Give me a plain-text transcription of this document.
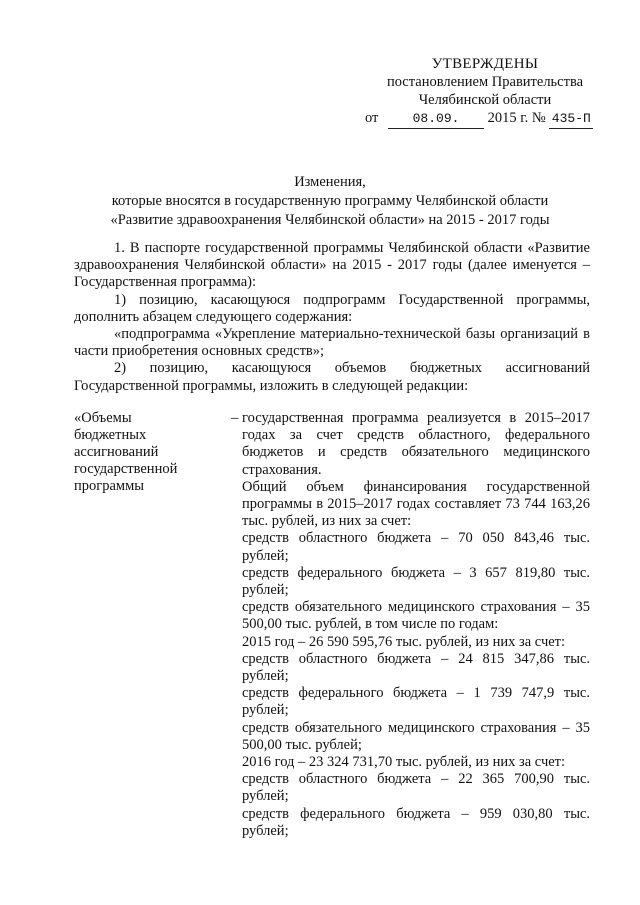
УТВЕРЖДЕНЫ
постановлением Правительства
Челябинской области
от	08.09. 2015 г. № 435-П
Изменения,
которые вносятся в государственную программу Челябинской области
«Развитие здравоохранения Челябинской области» на 2015 - 2017 годы

1. В паспорте государственной программы Челябинской области «Развитие здравоохранения Челябинской области» на 2015 - 2017 годы (далее именуется – Государственная программа):

1) позицию, касающуюся подпрограмм Государственной программы, дополнить абзацем следующего содержания:

«подпрограмма «Укрепление материально-технической базы организаций в части приобретения основных средств»;

2) позицию, касающуюся объемов бюджетных ассигнований Государственной программы, изложить в следующей редакции:

«Объемы бюджетных ассигнований государственной программы
– государственная программа реализуется в 2015–2017 годах за счет средств областного, федерального бюджетов и средств обязательного медицинского страхования.

Общий объем финансирования государственной программы в 2015–2017 годах составляет 73 744 163,26 тыс. рублей, из них за счет:

средств областного бюджета – 70 050 843,46 тыс. рублей;

средств федерального бюджета – 3 657 819,80 тыс. рублей;

средств обязательного медицинского страхования – 35 500,00 тыс. рублей, в том числе по годам:

2015 год – 26 590 595,76 тыс. рублей, из них за счет:

средств областного бюджета – 24 815 347,86 тыс. рублей;

средств федерального бюджета – 1 739 747,9 тыс. рублей;

средств обязательного медицинского страхования – 35 500,00 тыс. рублей;

2016 год – 23 324 731,70 тыс. рублей, из них за счет:

средств областного бюджета – 22 365 700,90 тыс. рублей;

средств федерального бюджета – 959 030,80 тыс. рублей;
